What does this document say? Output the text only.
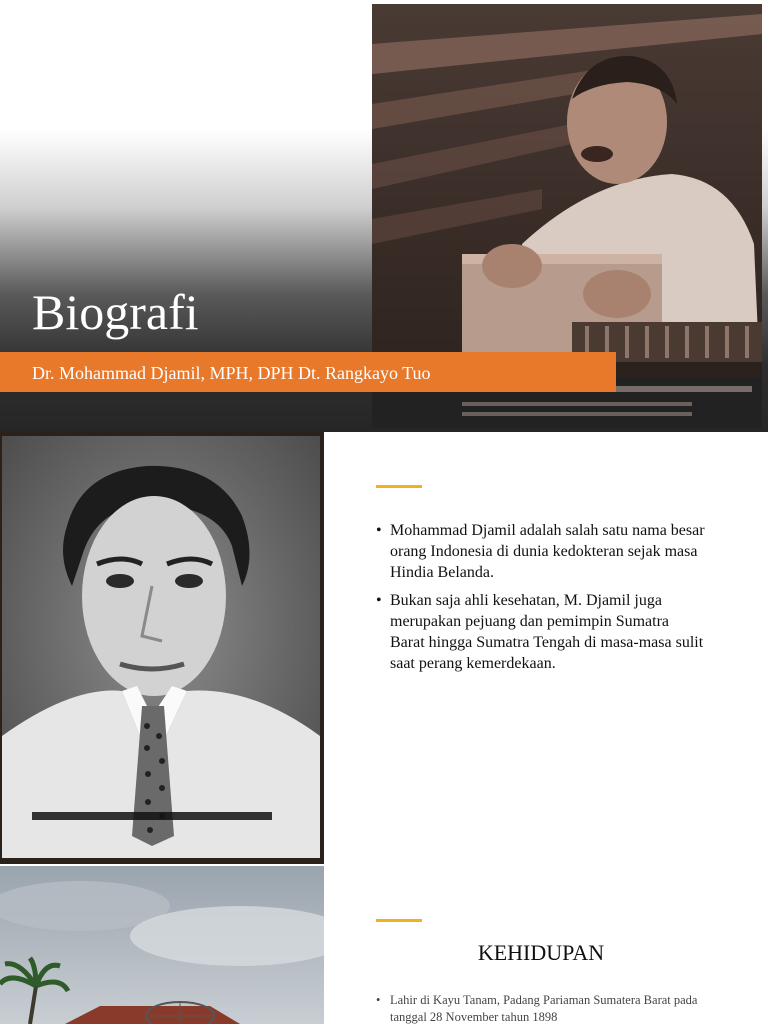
Biografi
Dr. Mohammad Djamil, MPH, DPH Dt. Rangkayo Tuo
• Mohammad Djamil adalah salah satu nama besar orang Indonesia di dunia kedokteran sejak masa Hindia Belanda.
• Bukan saja ahli kesehatan, M. Djamil juga merupakan pejuang dan pemimpin Sumatra Barat hingga Sumatra Tengah di masa-masa sulit saat perang kemerdekaan.
KEHIDUPAN
• Lahir di Kayu Tanam, Padang Pariaman Sumatera Barat pada tanggal 28 November tahun 1898
